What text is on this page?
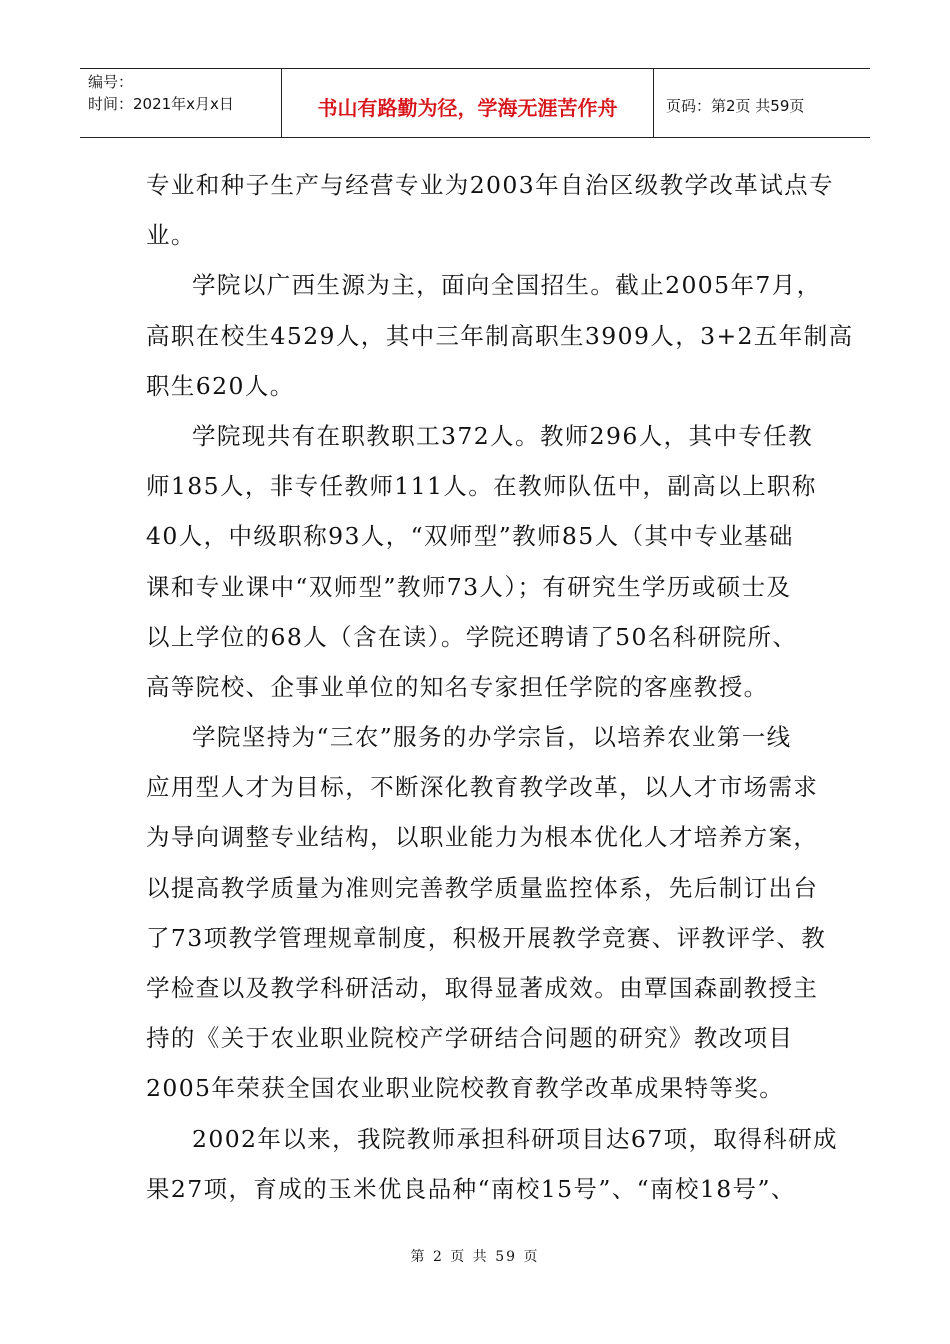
编号：
时间：2021年x月x日	书山有路勤为径，学海无涯苦作舟	页码：第2页 共59页
专业和种子生产与经营专业为2003年自治区级教学改革试点专
业。
学院以广西生源为主，面向全国招生。截止2005年7月，
高职在校生4529人，其中三年制高职生3909人，3+2五年制高
职生620人。
学院现共有在职教职工372人。教师296人，其中专任教
师185人，非专任教师111人。在教师队伍中，副高以上职称
40人，中级职称93人，“双师型”教师85人（其中专业基础
课和专业课中“双师型”教师73人）；有研究生学历或硕士及
以上学位的68人（含在读）。学院还聘请了50名科研院所、
高等院校、企事业单位的知名专家担任学院的客座教授。
学院坚持为“三农”服务的办学宗旨，以培养农业第一线
应用型人才为目标，不断深化教育教学改革，以人才市场需求
为导向调整专业结构，以职业能力为根本优化人才培养方案，
以提高教学质量为准则完善教学质量监控体系，先后制订出台
了73项教学管理规章制度，积极开展教学竞赛、评教评学、教
学检查以及教学科研活动，取得显著成效。由覃国森副教授主
持的《关于农业职业院校产学研结合问题的研究》教改项目
2005年荣获全国农业职业院校教育教学改革成果特等奖。
2002年以来，我院教师承担科研项目达67项，取得科研成
果27项，育成的玉米优良品种“南校15号”、“南校18号”、
第 2 页 共 59 页
